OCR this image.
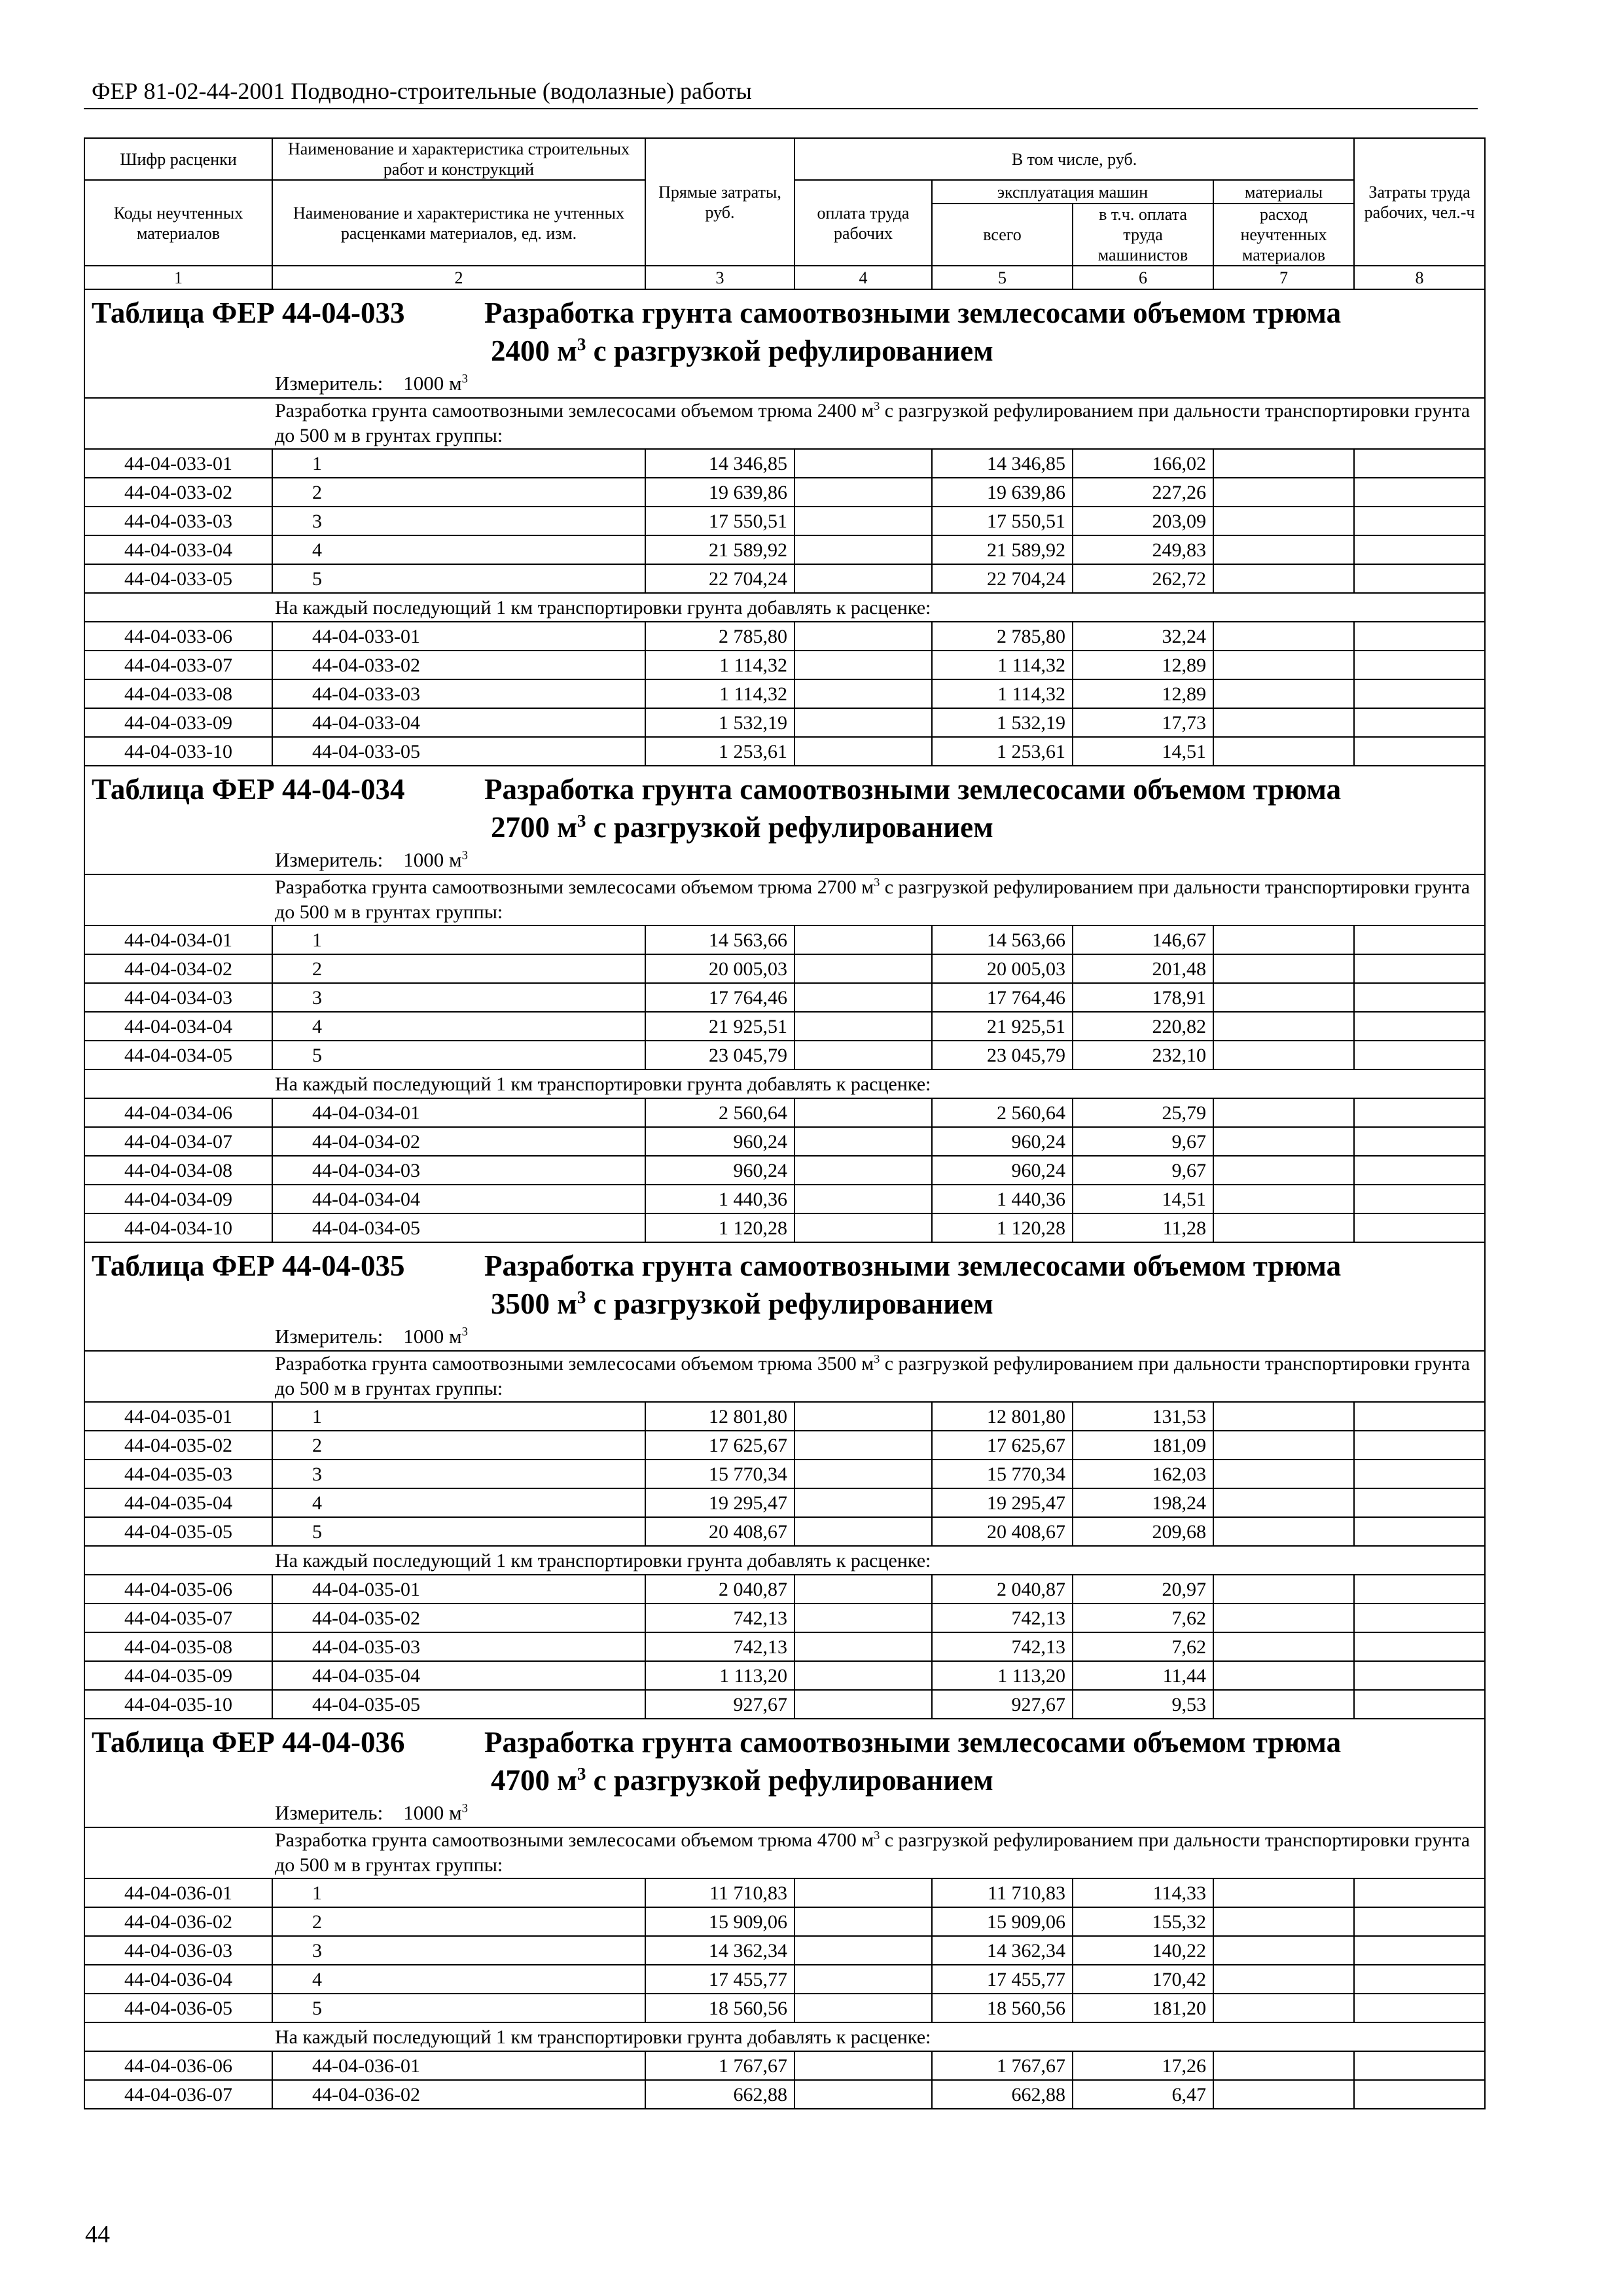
ФЕР 81-02-44-2001 Подводно-строительные (водолазные) работы
Шифр расценки	Наименование и характеристика строительных работ и конструкций	Прямые затраты, руб.	В том числе, руб.				Затраты труда рабочих, чел.-ч

Коды неучтенных материалов	Наименование и характеристика не учтенных расценками материалов, ед. изм.		оплата труда рабочих	эксплуатация машин		материалы	
				всего	в т.ч. оплата труда машинистов	расход неучтенных материалов	
1	2	3	4	5	6	7	8

Таблица ФЕР 44-04-033 Разработка грунта самоотвозными землесосами объемом трюма
2400 $м^3$ с разгрузкой рефулированием
Измеритель: 1000 $м^3$

Разработка грунта самоотвозными землесосами объемом трюма 2400 $м^3$ с разгрузкой рефулированием при дальности транспортировки грунта до 500 м в грунтах группы:							
44-04-033-01	1	14 346,85		14 346,85	166,02		
44-04-033-02	2	19 639,86		19 639,86	227,26		
44-04-033-03	3	17 550,51		17 550,51	203,09		
44-04-033-04	4	21 589,92		21 589,92	249,83		
44-04-033-05	5	22 704,24		22 704,24	262,72		
На каждый последующий 1 км транспортировки грунта добавлять к расценке:							
44-04-033-06	44-04-033-01	2 785,80		2 785,80	32,24		
44-04-033-07	44-04-033-02	1 114,32		1 114,32	12,89		
44-04-033-08	44-04-033-03	1 114,32		1 114,32	12,89		
44-04-033-09	44-04-033-04	1 532,19		1 532,19	17,73		
44-04-033-10	44-04-033-05	1 253,61		1 253,61	14,51		

Таблица ФЕР 44-04-034 Разработка грунта самоотвозными землесосами объемом трюма
2700 $м^3$ с разгрузкой рефулированием
Измеритель: 1000 $м^3$

Разработка грунта самоотвозными землесосами объемом трюма 2700 $м^3$ с разгрузкой рефулированием при дальности транспортировки грунта до 500 м в грунтах группы:							
44-04-034-01	1	14 563,66		14 563,66	146,67		
44-04-034-02	2	20 005,03		20 005,03	201,48		
44-04-034-03	3	17 764,46		17 764,46	178,91		
44-04-034-04	4	21 925,51		21 925,51	220,82		
44-04-034-05	5	23 045,79		23 045,79	232,10		
На каждый последующий 1 км транспортировки грунта добавлять к расценке:							
44-04-034-06	44-04-034-01	2 560,64		2 560,64	25,79		
44-04-034-07	44-04-034-02	960,24		960,24	9,67		
44-04-034-08	44-04-034-03	960,24		960,24	9,67		
44-04-034-09	44-04-034-04	1 440,36		1 440,36	14,51		
44-04-034-10	44-04-034-05	1 120,28		1 120,28	11,28		

Таблица ФЕР 44-04-035 Разработка грунта самоотвозными землесосами объемом трюма
3500 $м^3$ с разгрузкой рефулированием
Измеритель: 1000 $м^3$

Разработка грунта самоотвозными землесосами объемом трюма 3500 $м^3$ с разгрузкой рефулированием при дальности транспортировки грунта до 500 м в грунтах группы:							
44-04-035-01	1	12 801,80		12 801,80	131,53		
44-04-035-02	2	17 625,67		17 625,67	181,09		
44-04-035-03	3	15 770,34		15 770,34	162,03		
44-04-035-04	4	19 295,47		19 295,47	198,24		
44-04-035-05	5	20 408,67		20 408,67	209,68		
На каждый последующий 1 км транспортировки грунта добавлять к расценке:							
44-04-035-06	44-04-035-01	2 040,87		2 040,87	20,97		
44-04-035-07	44-04-035-02	742,13		742,13	7,62		
44-04-035-08	44-04-035-03	742,13		742,13	7,62		
44-04-035-09	44-04-035-04	1 113,20		1 113,20	11,44		
44-04-035-10	44-04-035-05	927,67		927,67	9,53		

Таблица ФЕР 44-04-036 Разработка грунта самоотвозными землесосами объемом трюма
4700 $м^3$ с разгрузкой рефулированием
Измеритель: 1000 $м^3$

Разработка грунта самоотвозными землесосами объемом трюма 4700 $м^3$ с разгрузкой рефулированием при дальности транспортировки грунта до 500 м в грунтах группы:							
44-04-036-01	1	11 710,83		11 710,83	114,33		
44-04-036-02	2	15 909,06		15 909,06	155,32		
44-04-036-03	3	14 362,34		14 362,34	140,22		
44-04-036-04	4	17 455,77		17 455,77	170,42		
44-04-036-05	5	18 560,56		18 560,56	181,20		
На каждый последующий 1 км транспортировки грунта добавлять к расценке:							
44-04-036-06	44-04-036-01	1 767,67		1 767,67	17,26		
44-04-036-07	44-04-036-02	662,88		662,88	6,47		
44
